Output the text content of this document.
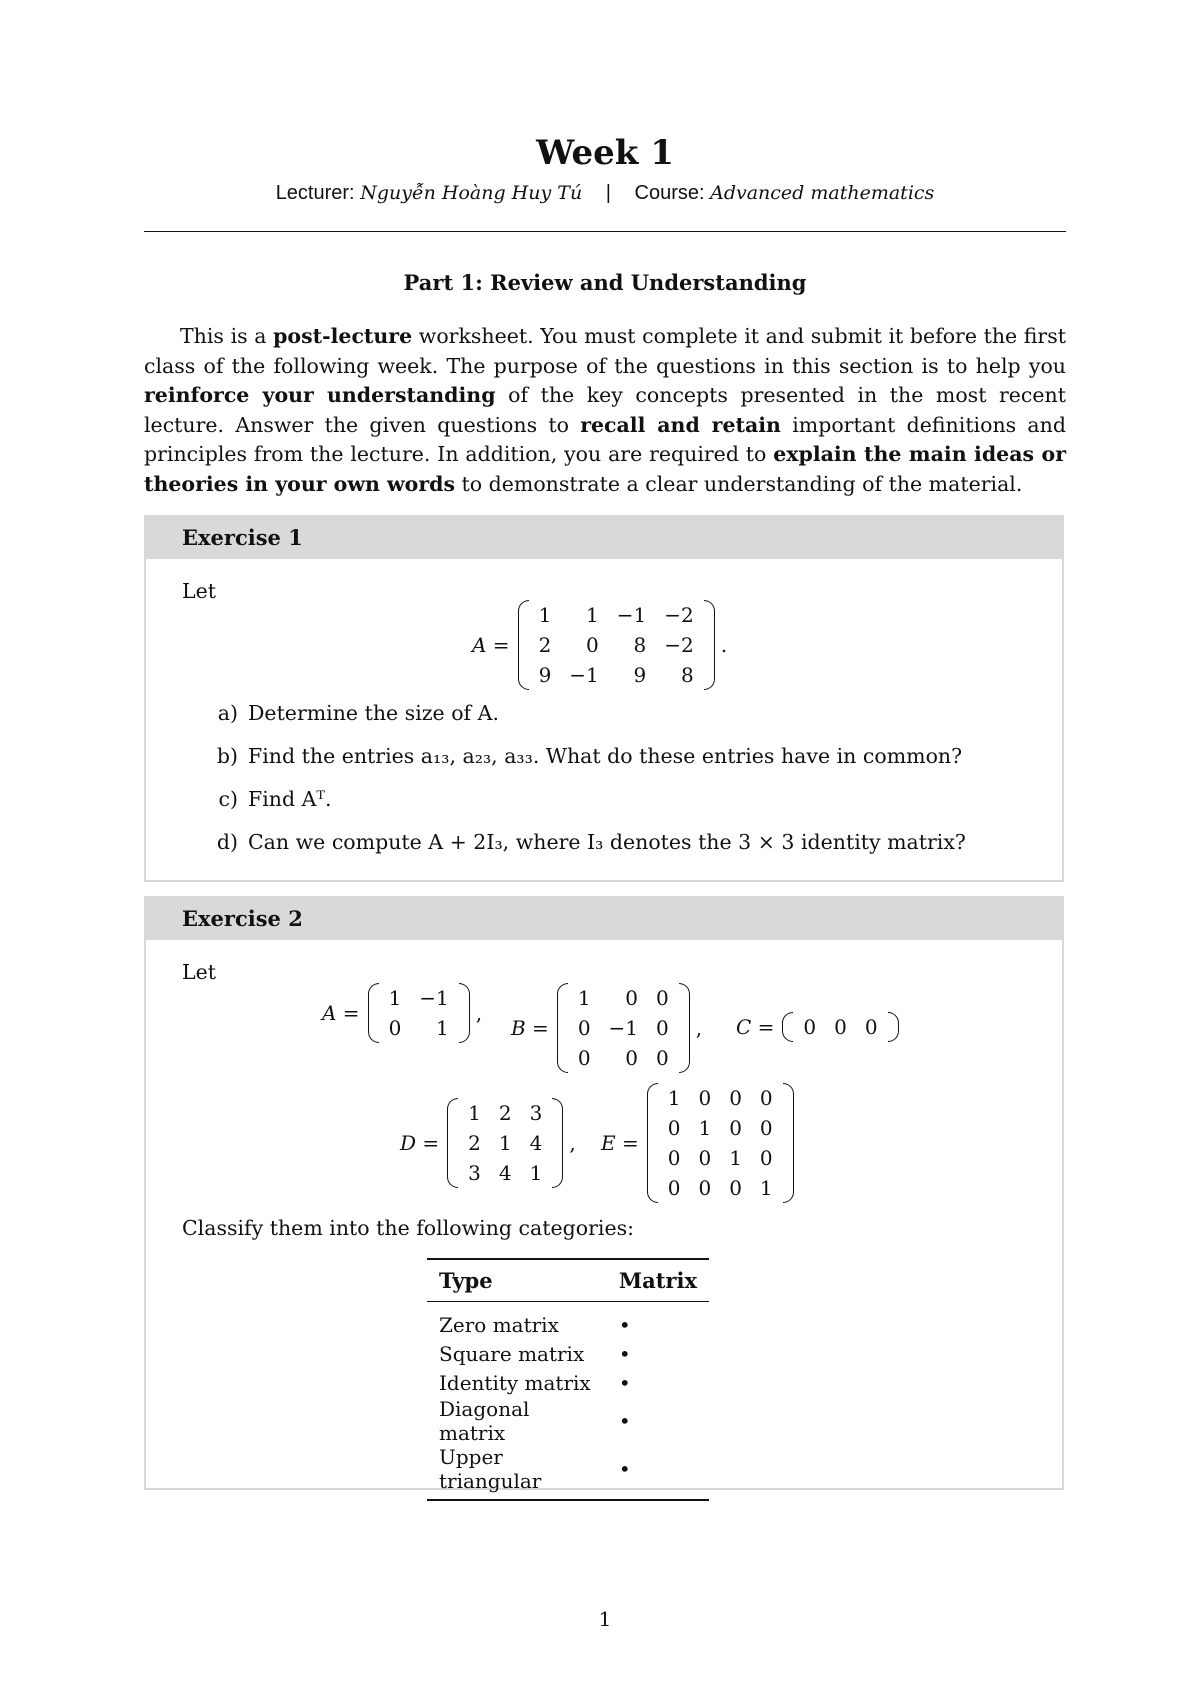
Week 1
Lecturer: Nguyễn Hoàng Huy Tú | Course: Advanced mathematics
Part 1: Review and Understanding
This is a post-lecture worksheet. You must complete it and submit it before the first class of the following week. The purpose of the questions in this section is to help you reinforce your understanding of the key concepts presented in the most recent lecture. Answer the given questions to recall and retain important definitions and principles from the lecture. In addition, you are required to explain the main ideas or theories in your own words to demonstrate a clear understanding of the material.
Exercise 1
Let
A =
1	1	−1	−2
2	0	8	−2
9	−1	9	8
.
a) Determine the size of A.
b) Find the entries a₁₃, a₂₃, a₃₃. What do these entries have in common?
c) Find Aᵀ.
d) Can we compute A + 2I₃, where I₃ denotes the 3 × 3 identity matrix?
Exercise 2
Let
A =
1	−1
0	1
,
B =
1	0	0
0	−1	0
0	0	0
, C = 0	0	0
D =
1	2	3
2	1	4
3	4	1
, E =
1	0	0	0
0	1	0	0
0	0	1	0
0	0	0	1
Classify them into the following categories:
Type	Matrix
Zero matrix	•
Square matrix	•
Identity matrix	•
Diagonal matrix	•
Upper triangular	•
1
